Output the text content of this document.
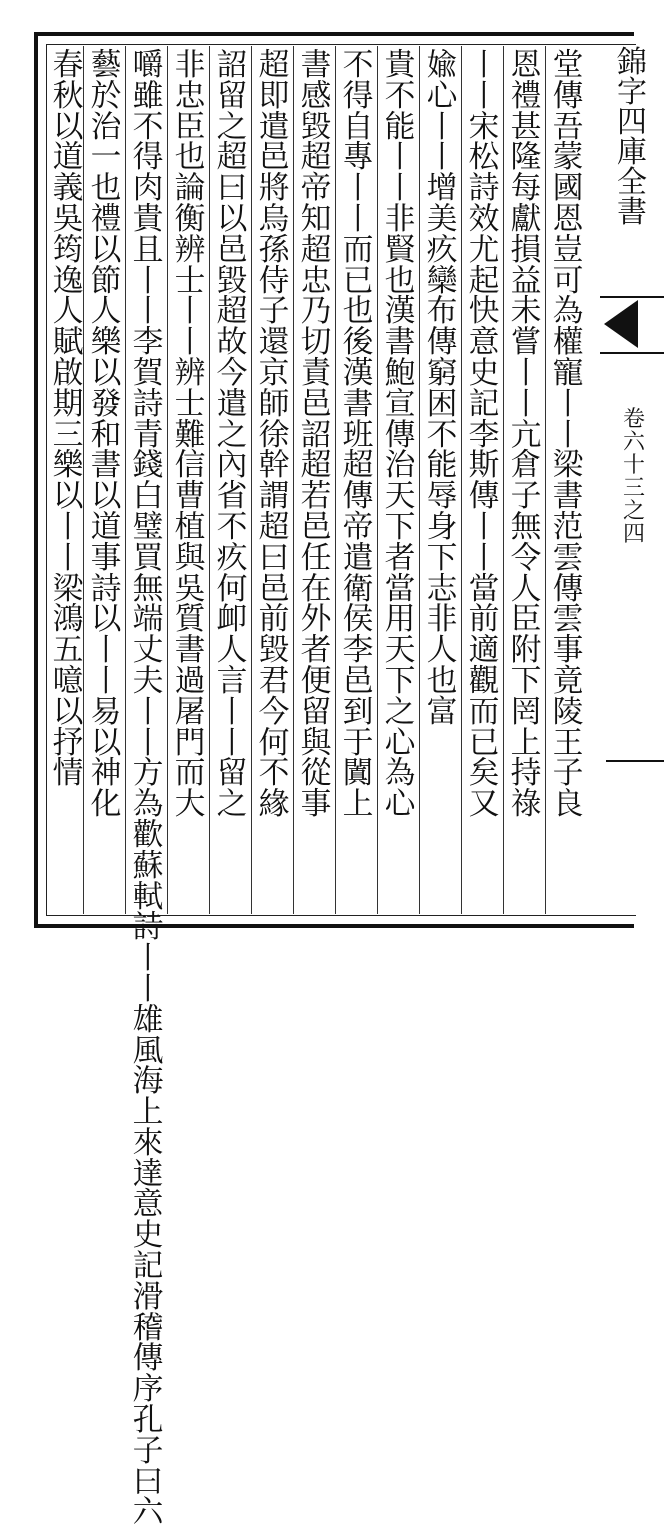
錦字四庫全書
卷六十三之四
堂傳吾蒙國恩豈可為權寵丨丨梁書范雲傳雲事竟陵王子良
恩禮甚隆每獻損益未嘗丨丨亢倉子無令人臣附下罔上持祿
丨丨宋松詩效尤起快意史記李斯傳丨丨當前適觀而已矣又
婾心丨丨增美疚欒布傳窮困不能辱身下志非人也富
貴不能丨丨非賢也漢書鮑宣傳治天下者當用天下之心為心
不得自專丨丨而已也後漢書班超傳帝遣衛侯李邑到于闐上
書感毀超帝知超忠乃切責邑詔超若邑任在外者便留與從事
超即遣邑將烏孫侍子還京師徐幹謂超曰邑前毀君今何不緣
詔留之超曰以邑毀超故今遣之內省不疚何卹人言丨丨留之
非忠臣也論衡辨士丨丨辨士難信曹植與吳質書過屠門而大
嚼雖不得肉貴且丨丨李賀詩青錢白璧買無端丈夫丨丨方為歡蘇軾詩丨丨雄風海上來達意史記滑稽傳序孔子曰六
藝於治一也禮以節人樂以發和書以道事詩以丨丨易以神化
春秋以道義吳筠逸人賦啟期三樂以丨丨梁鴻五噫以抒情
